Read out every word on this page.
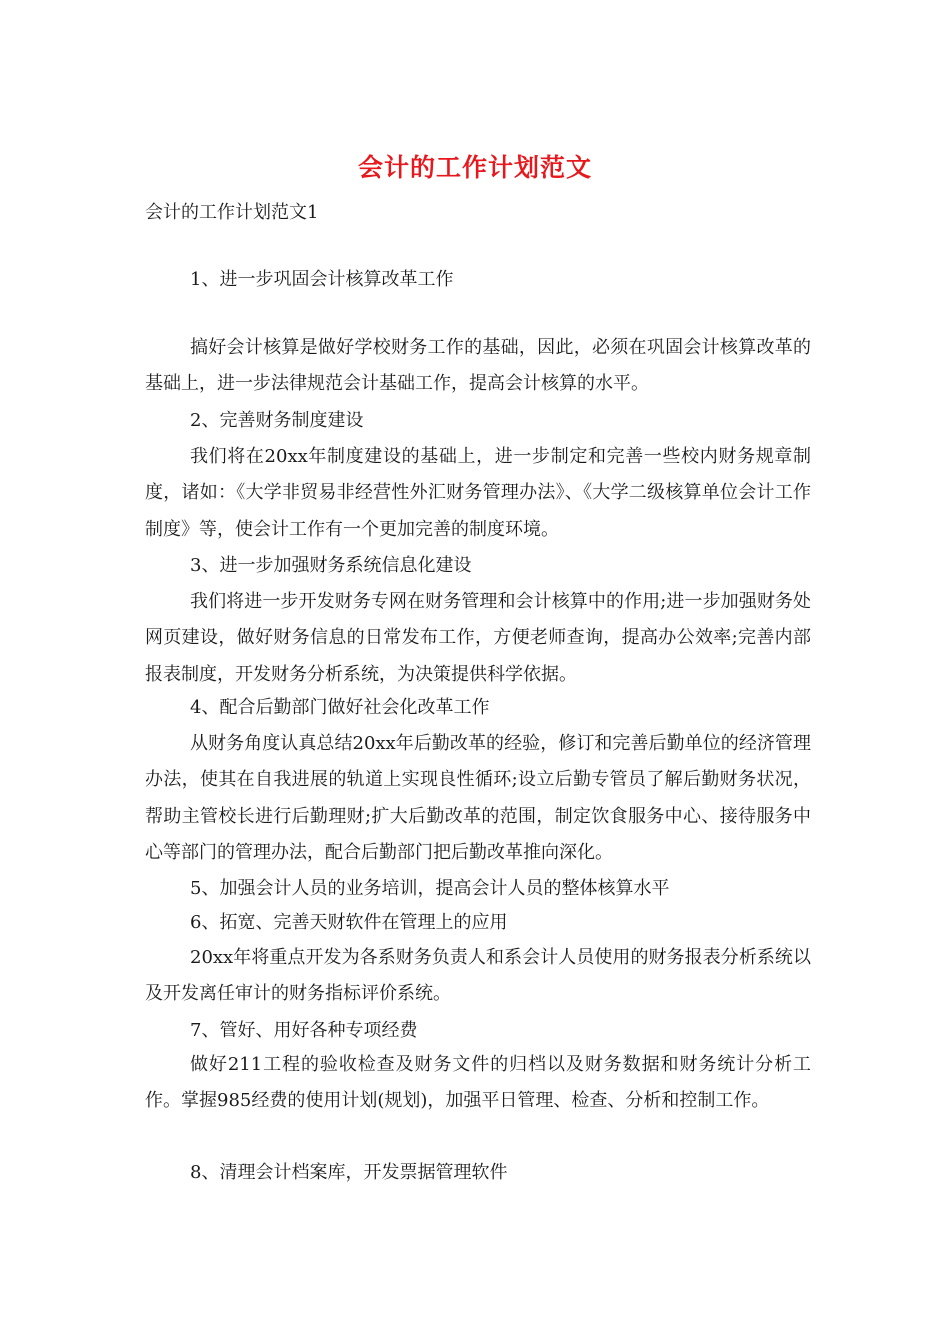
会计的工作计划范文
会计的工作计划范文1
1、进一步巩固会计核算改革工作

搞好会计核算是做好学校财务工作的基础，因此，必须在巩固会计核算改革的基础上，进一步法律规范会计基础工作，提高会计核算的水平。

2、完善财务制度建设

我们将在20xx年制度建设的基础上，进一步制定和完善一些校内财务规章制度，诸如：《大学非贸易非经营性外汇财务管理办法》、《大学二级核算单位会计工作制度》等，使会计工作有一个更加完善的制度环境。

3、进一步加强财务系统信息化建设

我们将进一步开发财务专网在财务管理和会计核算中的作用;进一步加强财务处网页建设，做好财务信息的日常发布工作，方便老师查询，提高办公效率;完善内部报表制度，开发财务分析系统，为决策提供科学依据。

4、配合后勤部门做好社会化改革工作

从财务角度认真总结20xx年后勤改革的经验，修订和完善后勤单位的经济管理办法，使其在自我进展的轨道上实现良性循环;设立后勤专管员了解后勤财务状况，帮助主管校长进行后勤理财;扩大后勤改革的范围，制定饮食服务中心、接待服务中心等部门的管理办法，配合后勤部门把后勤改革推向深化。

5、加强会计人员的业务培训，提高会计人员的整体核算水平
6、拓宽、完善天财软件在管理上的应用

20xx年将重点开发为各系财务负责人和系会计人员使用的财务报表分析系统以及开发离任审计的财务指标评价系统。

7、管好、用好各种专项经费

做好211工程的验收检查及财务文件的归档以及财务数据和财务统计分析工作。掌握985经费的使用计划(规划)，加强平日管理、检查、分析和控制工作。

8、清理会计档案库，开发票据管理软件
